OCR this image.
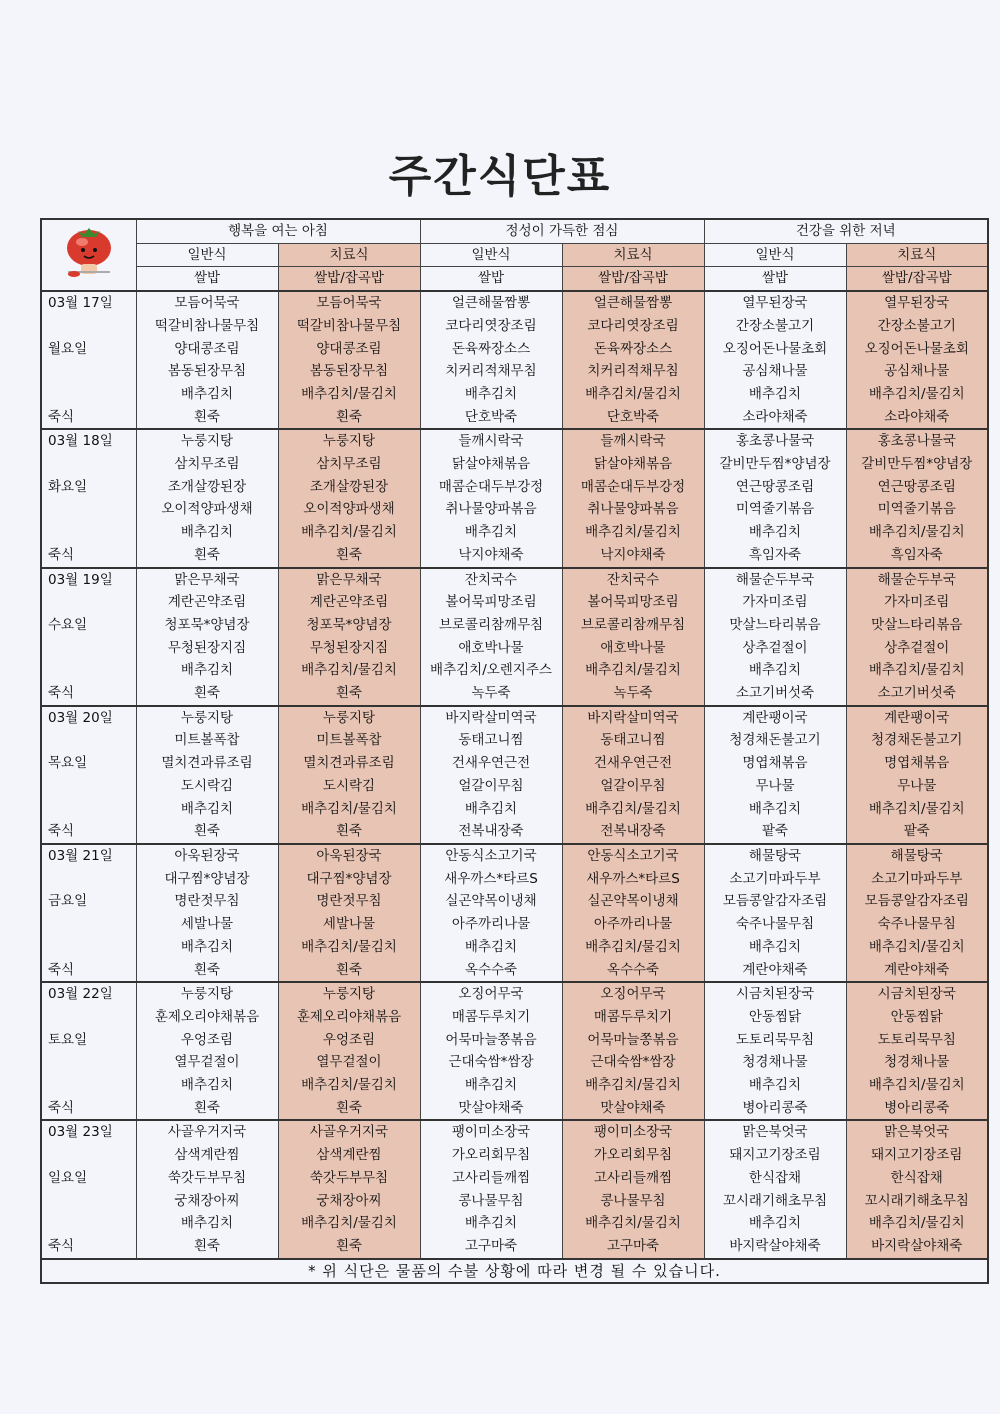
주간식단표
	행복을 여는 아침		정성이 가득한 점심		건강을 위한 저녁	
	일반식	치료식	일반식	치료식	일반식	치료식
	쌀밥	쌀밥/잡곡밥	쌀밥	쌀밥/잡곡밥	쌀밥	쌀밥/잡곡밥
03월 17일	모듬어묵국	모듬어묵국	얼큰해물짬뽕	얼큰해물짬뽕	열무된장국	열무된장국
	떡갈비참나물무침	떡갈비참나물무침	코다리엿장조림	코다리엿장조림	간장소불고기	간장소불고기
월요일	양대콩조림	양대콩조림	돈육짜장소스	돈육짜장소스	오징어돈나물초회	오징어돈나물초회
	봄동된장무침	봄동된장무침	치커리적채무침	치커리적채무침	공심채나물	공심채나물
	배추김치	배추김치/물김치	배추김치	배추김치/물김치	배추김치	배추김치/물김치
죽식	흰죽	흰죽	단호박죽	단호박죽	소라야채죽	소라야채죽
03월 18일	누룽지탕	누룽지탕	들깨시락국	들깨시락국	홍초콩나물국	홍초콩나물국
	삼치무조림	삼치무조림	닭살야채볶음	닭살야채볶음	갈비만두찜*양념장	갈비만두찜*양념장
화요일	조개살깡된장	조개살깡된장	매콤순대두부강정	매콤순대두부강정	연근땅콩조림	연근땅콩조림
	오이적양파생채	오이적양파생채	취나물양파볶음	취나물양파볶음	미역줄기볶음	미역줄기볶음
	배추김치	배추김치/물김치	배추김치	배추김치/물김치	배추김치	배추김치/물김치
죽식	흰죽	흰죽	낙지야채죽	낙지야채죽	흑임자죽	흑임자죽
03월 19일	맑은무채국	맑은무채국	잔치국수	잔치국수	해물순두부국	해물순두부국
	계란곤약조림	계란곤약조림	볼어묵피망조림	볼어묵피망조림	가자미조림	가자미조림
수요일	청포묵*양념장	청포묵*양념장	브로콜리참깨무침	브로콜리참깨무침	맛살느타리볶음	맛살느타리볶음
	무청된장지짐	무청된장지짐	애호박나물	애호박나물	상추겉절이	상추겉절이
	배추김치	배추김치/물김치	배추김치/오렌지주스	배추김치/물김치	배추김치	배추김치/물김치
죽식	흰죽	흰죽	녹두죽	녹두죽	소고기버섯죽	소고기버섯죽
03월 20일	누룽지탕	누룽지탕	바지락살미역국	바지락살미역국	계란팽이국	계란팽이국
	미트볼폭찹	미트볼폭찹	동태고니찜	동태고니찜	청경채돈불고기	청경채돈불고기
목요일	멸치견과류조림	멸치견과류조림	건새우연근전	건새우연근전	명엽채볶음	명엽채볶음
	도시락김	도시락김	얼갈이무침	얼갈이무침	무나물	무나물
	배추김치	배추김치/물김치	배추김치	배추김치/물김치	배추김치	배추김치/물김치
죽식	흰죽	흰죽	전복내장죽	전복내장죽	팥죽	팥죽
03월 21일	아욱된장국	아욱된장국	안동식소고기국	안동식소고기국	해물탕국	해물탕국
	대구찜*양념장	대구찜*양념장	새우까스*타르S	새우까스*타르S	소고기마파두부	소고기마파두부
금요일	명란젓무침	명란젓무침	실곤약목이냉채	실곤약목이냉채	모듬콩알감자조림	모듬콩알감자조림
	세발나물	세발나물	아주까리나물	아주까리나물	숙주나물무침	숙주나물무침
	배추김치	배추김치/물김치	배추김치	배추김치/물김치	배추김치	배추김치/물김치
죽식	흰죽	흰죽	옥수수죽	옥수수죽	계란야채죽	계란야채죽
03월 22일	누룽지탕	누룽지탕	오징어무국	오징어무국	시금치된장국	시금치된장국
	훈제오리야채볶음	훈제오리야채볶음	매콤두루치기	매콤두루치기	안동찜닭	안동찜닭
토요일	우엉조림	우엉조림	어묵마늘쫑볶음	어묵마늘쫑볶음	도토리묵무침	도토리묵무침
	열무겉절이	열무겉절이	근대숙쌈*쌈장	근대숙쌈*쌈장	청경채나물	청경채나물
	배추김치	배추김치/물김치	배추김치	배추김치/물김치	배추김치	배추김치/물김치
죽식	흰죽	흰죽	맛살야채죽	맛살야채죽	병아리콩죽	병아리콩죽
03월 23일	사골우거지국	사골우거지국	팽이미소장국	팽이미소장국	맑은북엇국	맑은북엇국
	삼색계란찜	삼색계란찜	가오리회무침	가오리회무침	돼지고기장조림	돼지고기장조림
일요일	쑥갓두부무침	쑥갓두부무침	고사리들깨찜	고사리들깨찜	한식잡채	한식잡채
	궁채장아찌	궁채장아찌	콩나물무침	콩나물무침	꼬시래기해초무침	꼬시래기해초무침
	배추김치	배추김치/물김치	배추김치	배추김치/물김치	배추김치	배추김치/물김치
죽식	흰죽	흰죽	고구마죽	고구마죽	바지락살야채죽	바지락살야채죽
* 위 식단은 물품의 수불 상황에 따라 변경 될 수 있습니다.						
